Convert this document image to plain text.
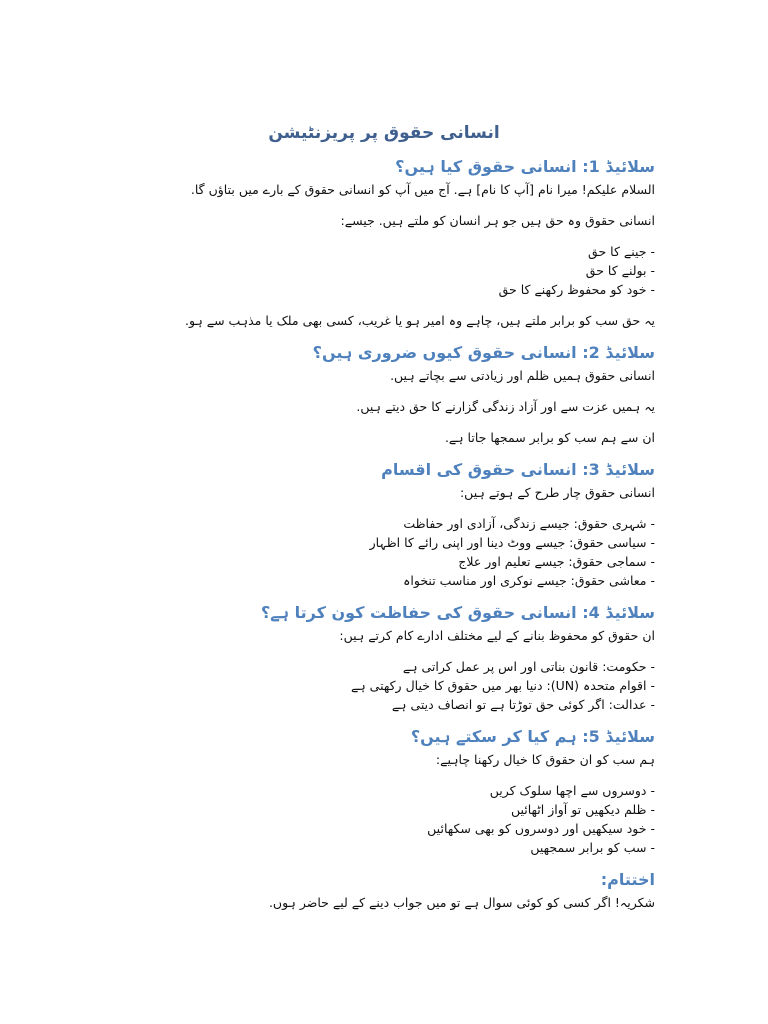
انسانی حقوق پر پریزنٹیشن
سلائیڈ 1: انسانی حقوق کیا ہیں؟

السلام علیکم! میرا نام [آپ کا نام] ہے. آج میں آپ کو انسانی حقوق کے بارے میں بتاؤں گا.

انسانی حقوق وہ حق ہیں جو ہر انسان کو ملتے ہیں. جیسے:

-جینے کا حق
-بولنے کا حق
-خود کو محفوظ رکھنے کا حق

یہ حق سب کو برابر ملتے ہیں، چاہے وہ امیر ہو یا غریب، کسی بھی ملک یا مذہب سے ہو.

سلائیڈ 2: انسانی حقوق کیوں ضروری ہیں؟

انسانی حقوق ہمیں ظلم اور زیادتی سے بچاتے ہیں.

یہ ہمیں عزت سے اور آزاد زندگی گزارنے کا حق دیتے ہیں.

ان سے ہم سب کو برابر سمجھا جاتا ہے.

سلائیڈ 3: انسانی حقوق کی اقسام

انسانی حقوق چار طرح کے ہوتے ہیں:

-شہری حقوق: جیسے زندگی، آزادی اور حفاظت
-سیاسی حقوق: جیسے ووٹ دینا اور اپنی رائے کا اظہار
-سماجی حقوق: جیسے تعلیم اور علاج
-معاشی حقوق: جیسے نوکری اور مناسب تنخواہ
سلائیڈ 4: انسانی حقوق کی حفاظت کون کرتا ہے؟

ان حقوق کو محفوظ بنانے کے لیے مختلف ادارے کام کرتے ہیں:

-حکومت: قانون بناتی اور اس پر عمل کراتی ہے
-اقوام متحدہ (UN): دنیا بھر میں حقوق کا خیال رکھتی ہے
-عدالت: اگر کوئی حق توڑتا ہے تو انصاف دیتی ہے
سلائیڈ 5: ہم کیا کر سکتے ہیں؟

ہم سب کو ان حقوق کا خیال رکھنا چاہیے:

-دوسروں سے اچھا سلوک کریں
-ظلم دیکھیں تو آواز اٹھائیں
-خود سیکھیں اور دوسروں کو بھی سکھائیں
-سب کو برابر سمجھیں
اختتام:

شکریہ! اگر کسی کو کوئی سوال ہے تو میں جواب دینے کے لیے حاضر ہوں.
